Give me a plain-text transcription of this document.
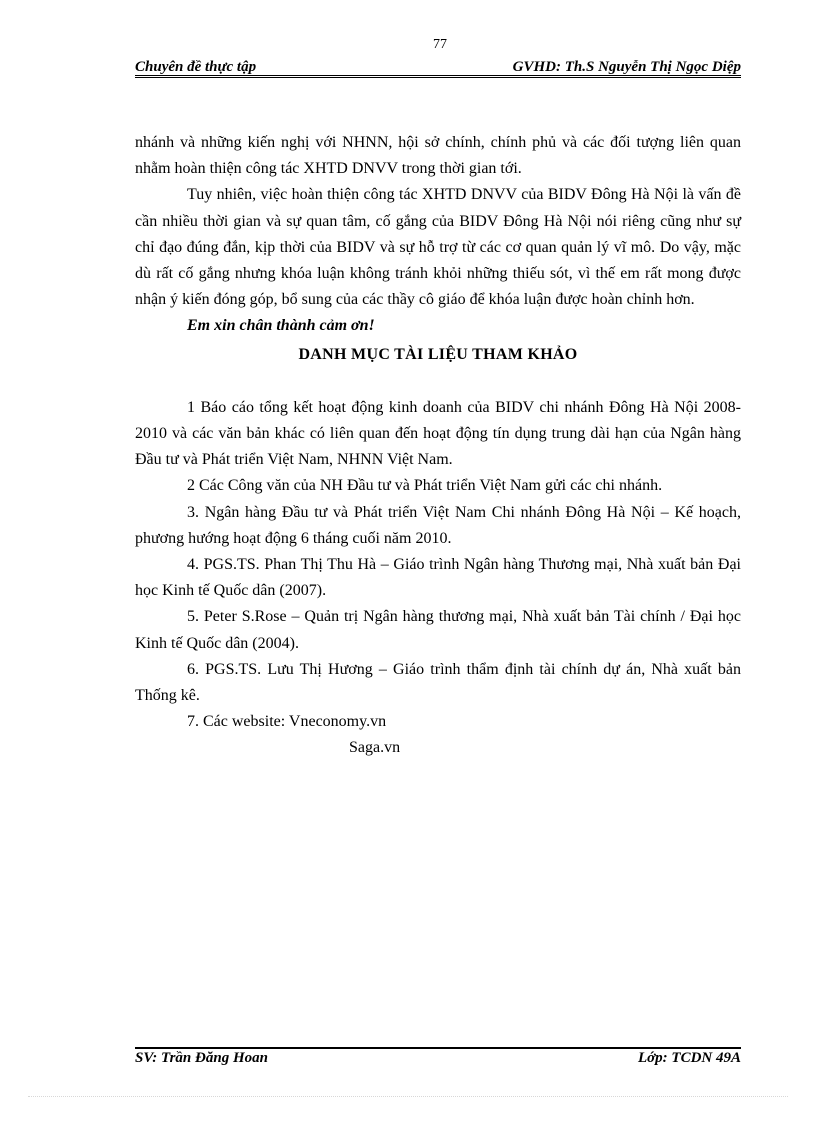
77
Chuyên đề thực tập	GVHD: Th.S Nguyễn Thị Ngọc Diệp

nhánh và những kiến nghị với NHNN, hội sở chính, chính phủ và các đối tượng liên quan nhằm hoàn thiện công tác XHTD DNVV trong thời gian tới.

Tuy nhiên, việc hoàn thiện công tác XHTD DNVV của BIDV Đông Hà Nội là vấn đề cần nhiều thời gian và sự quan tâm, cố gắng của BIDV Đông Hà Nội nói riêng cũng như sự chỉ đạo đúng đắn, kịp thời của BIDV và sự hỗ trợ từ các cơ quan quản lý vĩ mô. Do vậy, mặc dù rất cố gắng nhưng khóa luận không tránh khỏi những thiếu sót, vì thế em rất mong được nhận ý kiến đóng góp, bổ sung của các thầy cô giáo để khóa luận được hoàn chỉnh hơn.

Em xin chân thành cảm ơn!

DANH MỤC TÀI LIỆU THAM KHẢO

1 Báo cáo tổng kết hoạt động kinh doanh của BIDV chi nhánh Đông Hà Nội 2008- 2010 và các văn bản khác có liên quan đến hoạt động tín dụng trung dài hạn của Ngân hàng Đầu tư và Phát triển Việt Nam, NHNN Việt Nam.

2 Các Công văn của NH Đầu tư và Phát triển Việt Nam gửi các chi nhánh.

3. Ngân hàng Đầu tư và Phát triển Việt Nam Chi nhánh Đông Hà Nội – Kế hoạch, phương hướng hoạt động 6 tháng cuối năm 2010.

4. PGS.TS. Phan Thị Thu Hà – Giáo trình Ngân hàng Thương mại, Nhà xuất bản Đại học Kinh tế Quốc dân (2007).

5. Peter S.Rose – Quản trị Ngân hàng thương mại, Nhà xuất bản Tài chính / Đại học Kinh tế Quốc dân (2004).

6. PGS.TS. Lưu Thị Hương – Giáo trình thẩm định tài chính dự án, Nhà xuất bản Thống kê.

7. Các website: Vneconomy.vn

Saga.vn

SV: Trần Đăng Hoan	Lớp: TCDN 49A
